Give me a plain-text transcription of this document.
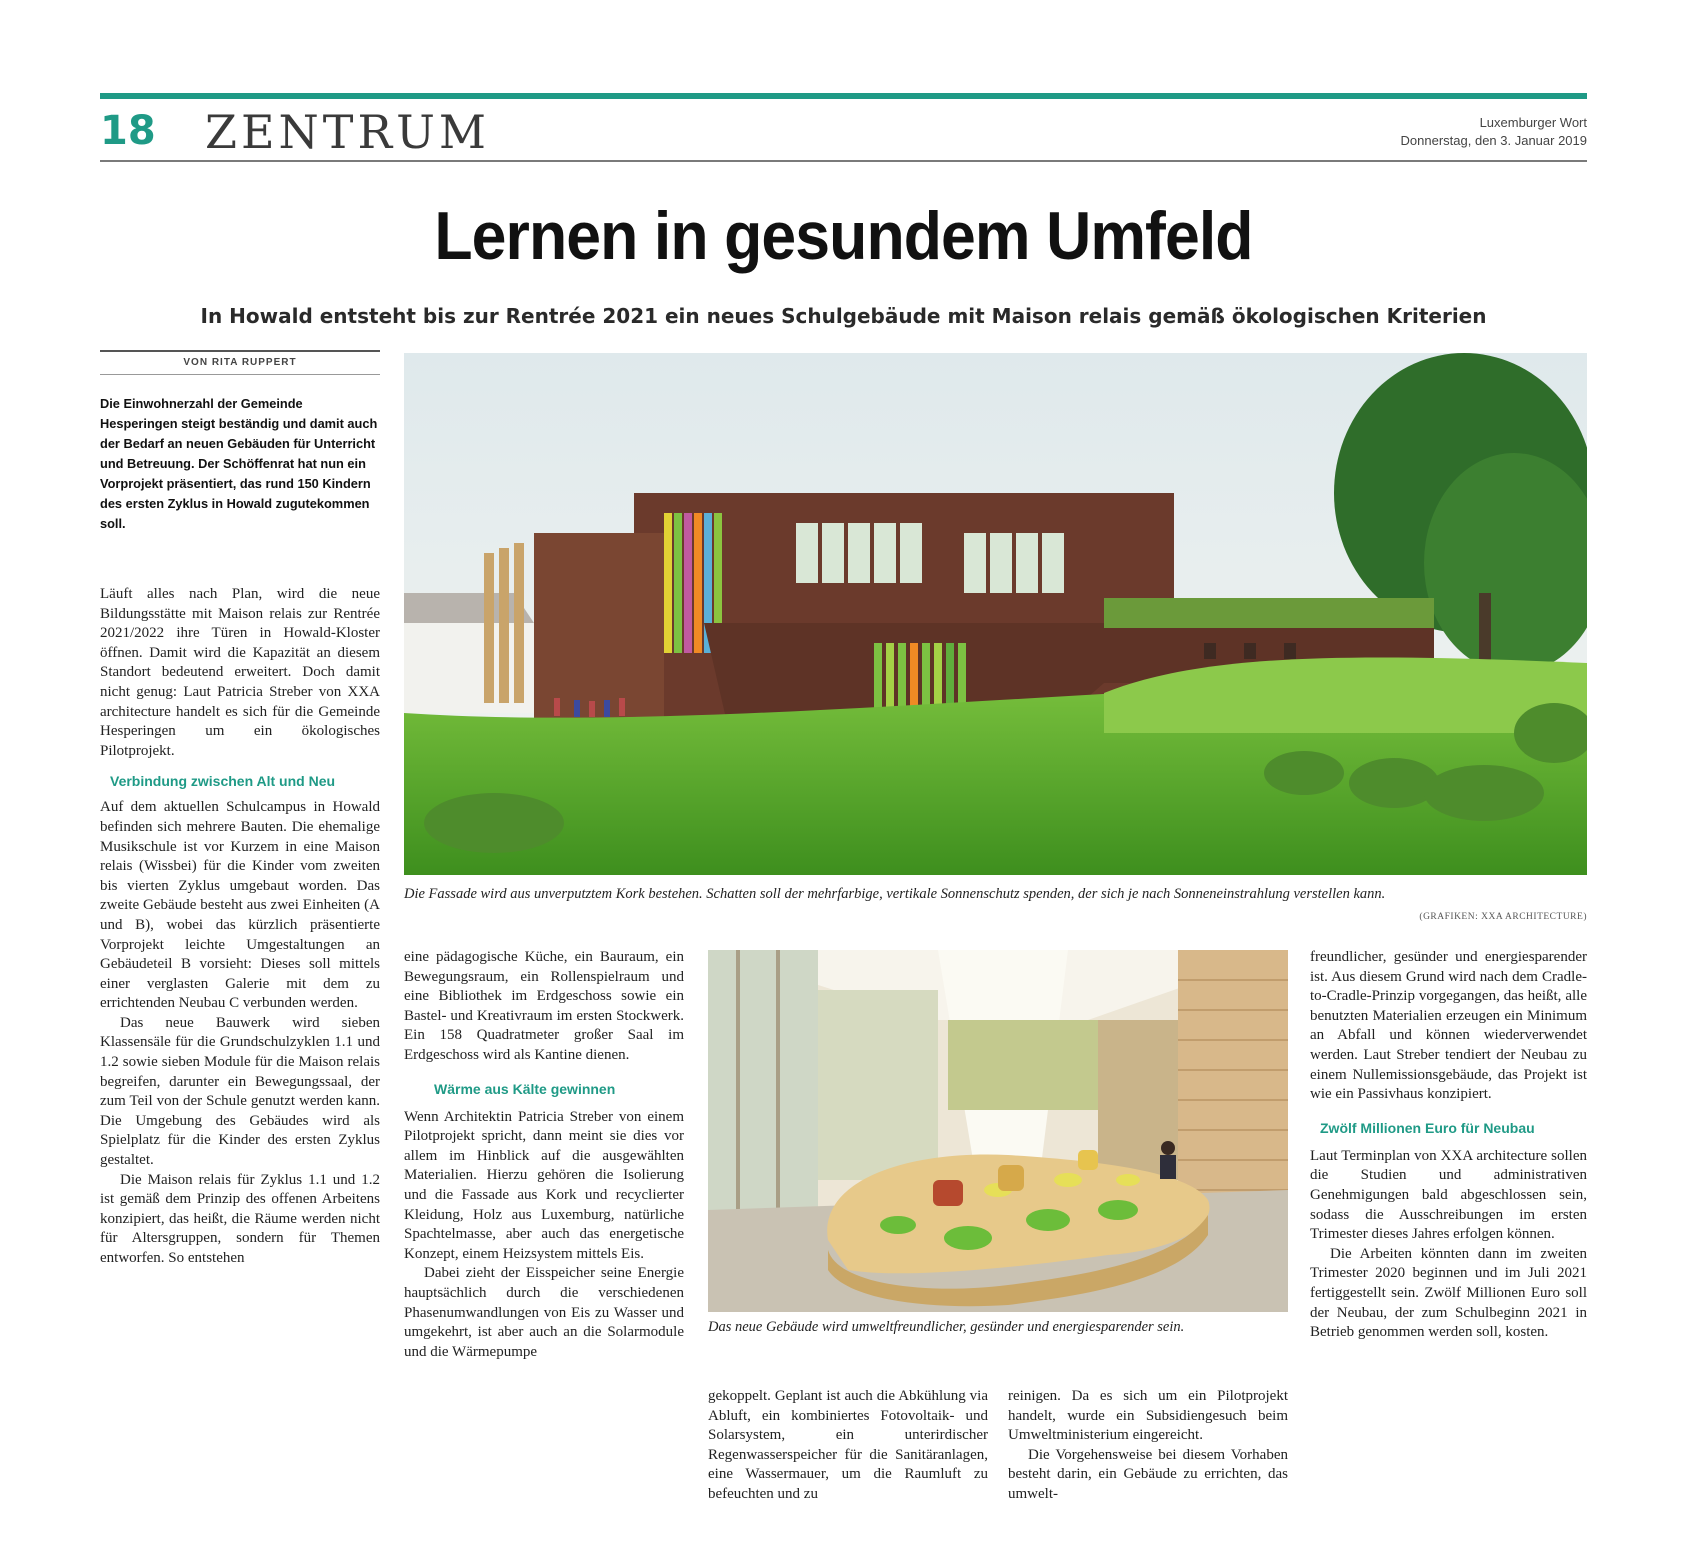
18 ZENTRUM	Luxemburger Wort
Donnerstag, den 3. Januar 2019
Lernen in gesundem Umfeld
In Howald entsteht bis zur Rentrée 2021 ein neues Schulgebäude mit Maison relais gemäß ökologischen Kriterien
VON RITA RUPPERT
Die Einwohnerzahl der Gemeinde Hesperingen steigt beständig und damit auch der Bedarf an neuen Gebäuden für Unterricht und Betreuung. Der Schöffenrat hat nun ein Vorprojekt präsentiert, das rund 150 Kindern des ersten Zyklus in Howald zugutekommen soll.

Läuft alles nach Plan, wird die neue Bildungsstätte mit Maison relais zur Rentrée 2021/2022 ihre Türen in Howald-Kloster öffnen. Damit wird die Kapazität an diesem Standort bedeutend erweitert. Doch damit nicht genug: Laut Patricia Streber von XXA architecture handelt es sich für die Gemeinde Hesperingen um ein ökologisches Pilotprojekt.

Verbindung zwischen Alt und Neu

Auf dem aktuellen Schulcampus in Howald befinden sich mehrere Bauten. Die ehemalige Musikschule ist vor Kurzem in eine Maison relais (Wissbei) für die Kinder vom zweiten bis vierten Zyklus umgebaut worden. Das zweite Gebäude besteht aus zwei Einheiten (A und B), wobei das kürzlich präsentierte Vorprojekt leichte Umgestaltungen an Gebäudeteil B vorsieht: Dieses soll mittels einer verglasten Galerie mit dem zu errichtenden Neubau C verbunden werden.

Das neue Bauwerk wird sieben Klassensäle für die Grundschulzyklen 1.1 und 1.2 sowie sieben Module für die Maison relais begreifen, darunter ein Bewegungssaal, der zum Teil von der Schule genutzt werden kann. Die Umgebung des Gebäudes wird als Spielplatz für die Kinder des ersten Zyklus gestaltet.

Die Maison relais für Zyklus 1.1 und 1.2 ist gemäß dem Prinzip des offenen Arbeitens konzipiert, das heißt, die Räume werden nicht für Altersgruppen, sondern für Themen entworfen. So entstehen

Die Fassade wird aus unverputztem Kork bestehen. Schatten soll der mehrfarbige, vertikale Sonnenschutz spenden, der sich je nach Sonneneinstrahlung verstellen kann.
(GRAFIKEN: XXA ARCHITECTURE)

eine pädagogische Küche, ein Bauraum, ein Bewegungsraum, ein Rollenspielraum und eine Bibliothek im Erdgeschoss sowie ein Bastel- und Kreativraum im ersten Stockwerk. Ein 158 Quadratmeter großer Saal im Erdgeschoss wird als Kantine dienen.

Wärme aus Kälte gewinnen

Wenn Architektin Patricia Streber von einem Pilotprojekt spricht, dann meint sie dies vor allem im Hinblick auf die ausgewählten Materialien. Hierzu gehören die Isolierung und die Fassade aus Kork und recyclierter Kleidung, Holz aus Luxemburg, natürliche Spachtelmasse, aber auch das energetische Konzept, einem Heizsystem mittels Eis.

Dabei zieht der Eisspeicher seine Energie hauptsächlich durch die verschiedenen Phasenumwandlungen von Eis zu Wasser und umgekehrt, ist aber auch an die Solarmodule und die Wärmepumpe

Das neue Gebäude wird umweltfreundlicher, gesünder und energiesparender sein.

gekoppelt. Geplant ist auch die Abkühlung via Abluft, ein kombiniertes Fotovoltaik- und Solarsystem, ein unterirdischer Regenwasserspeicher für die Sanitäranlagen, eine Wassermauer, um die Raumluft zu befeuchten und zu

reinigen. Da es sich um ein Pilotprojekt handelt, wurde ein Subsidiengesuch beim Umweltministerium eingereicht.

Die Vorgehensweise bei diesem Vorhaben besteht darin, ein Gebäude zu errichten, das umwelt-

freundlicher, gesünder und energiesparender ist. Aus diesem Grund wird nach dem Cradle-to-Cradle-Prinzip vorgegangen, das heißt, alle benutzten Materialien erzeugen ein Minimum an Abfall und können wiederverwendet werden. Laut Streber tendiert der Neubau zu einem Nullemissionsgebäude, das Projekt ist wie ein Passivhaus konzipiert.

Zwölf Millionen Euro für Neubau

Laut Terminplan von XXA architecture sollen die Studien und administrativen Genehmigungen bald abgeschlossen sein, sodass die Ausschreibungen im ersten Trimester dieses Jahres erfolgen können.

Die Arbeiten könnten dann im zweiten Trimester 2020 beginnen und im Juli 2021 fertiggestellt sein. Zwölf Millionen Euro soll der Neubau, der zum Schulbeginn 2021 in Betrieb genommen werden soll, kosten.
